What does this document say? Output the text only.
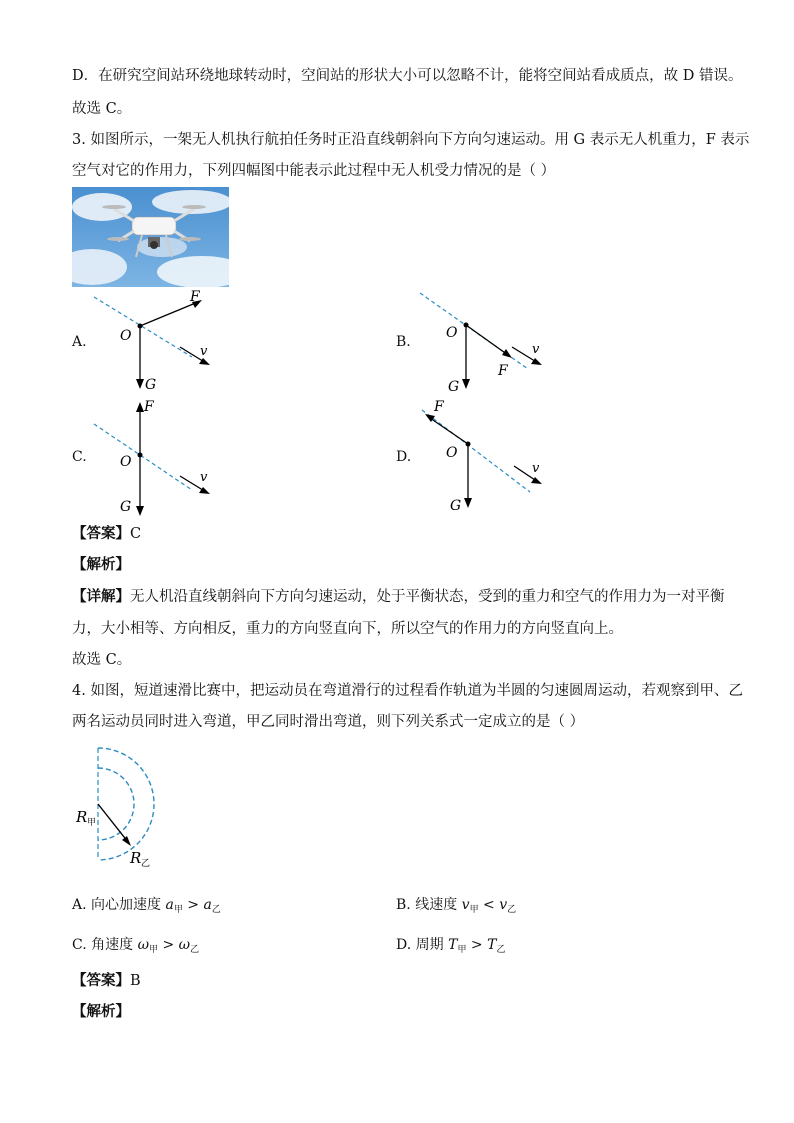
D．在研究空间站环绕地球转动时，空间站的形状大小可以忽略不计，能将空间站看成质点，故 D 错误。
故选 C。
3. 如图所示，一架无人机执行航拍任务时正沿直线朝斜向下方向匀速运动。用 G 表示无人机重力，F 表示
空气对它的作用力，下列四幅图中能表示此过程中无人机受力情况的是（ ）
A.
F
O
G
v
B.
O
G
F
v
C.
F
O
G
v
D.
F
O
G
v
【答案】C
【解析】
【详解】无人机沿直线朝斜向下方向匀速运动，处于平衡状态，受到的重力和空气的作用力为一对平衡
力，大小相等、方向相反，重力的方向竖直向下，所以空气的作用力的方向竖直向上。
故选 C。
4. 如图，短道速滑比赛中，把运动员在弯道滑行的过程看作轨道为半圆的匀速圆周运动，若观察到甲、乙
两名运动员同时进入弯道，甲乙同时滑出弯道，则下列关系式一定成立的是（ ）
R 甲
R 乙
A. 向心加速度 $a_甲 > a_乙$	B. 线速度 $v_甲 < v_乙$
C. 角速度 $\omega_甲 > \omega_乙$	D. 周期 $T_甲 > T_乙$
【答案】B
【解析】
